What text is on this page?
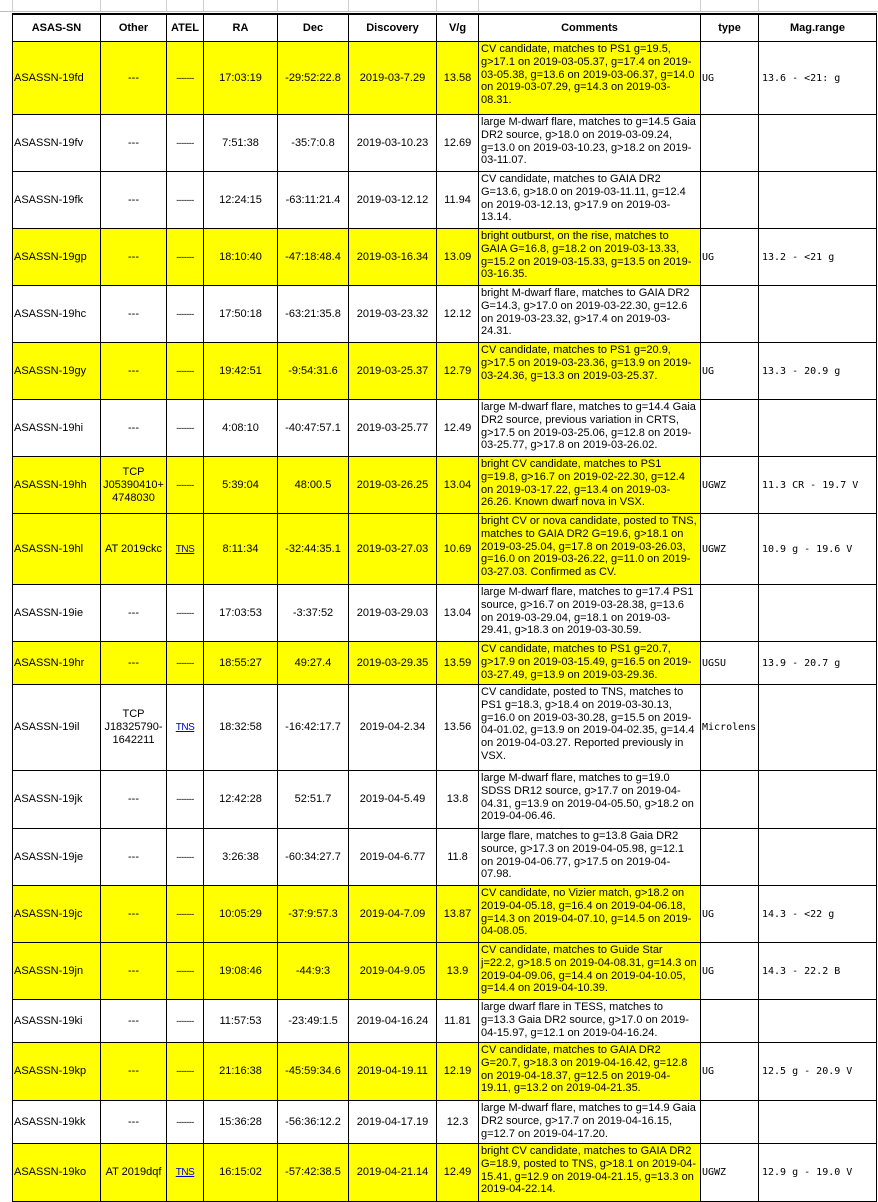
ASAS-SN	Other	ATEL	RA	Dec	Discovery	V/g	Comments	type	Mag.range
ASASSN-19fd	---	-------	17:03:19	-29:52:22.8	2019-03-7.29	13.58	CV candidate, matches to PS1 g=19.5, g>17.1 on 2019-03-05.37, g=17.4 on 2019-03-05.38, g=13.6 on 2019-03-06.37, g=14.0 on 2019-03-07.29, g=14.3 on 2019-03-08.31.	UG	13.6 - <21: g
ASASSN-19fv	---	-------	7:51:38	-35:7:0.8	2019-03-10.23	12.69	large M-dwarf flare, matches to g=14.5 Gaia DR2 source, g>18.0 on 2019-03-09.24, g=13.0 on 2019-03-10.23, g>18.2 on 2019-03-11.07.		
ASASSN-19fk	---	-------	12:24:15	-63:11:21.4	2019-03-12.12	11.94	CV candidate, matches to GAIA DR2 G=13.6, g>18.0 on 2019-03-11.11, g=12.4 on 2019-03-12.13, g>17.9 on 2019-03-13.14.		
ASASSN-19gp	---	-------	18:10:40	-47:18:48.4	2019-03-16.34	13.09	bright outburst, on the rise, matches to GAIA G=16.8, g=18.2 on 2019-03-13.33, g=15.2 on 2019-03-15.33, g=13.5 on 2019-03-16.35.	UG	13.2 - <21 g
ASASSN-19hc	---	-------	17:50:18	-63:21:35.8	2019-03-23.32	12.12	bright M-dwarf flare, matches to GAIA DR2 G=14.3, g>17.0 on 2019-03-22.30, g=12.6 on 2019-03-23.32, g>17.4 on 2019-03-24.31.		
ASASSN-19gy	---	-------	19:42:51	-9:54:31.6	2019-03-25.37	12.79	CV candidate, matches to PS1 g=20.9, g>17.5 on 2019-03-23.36, g=13.9 on 2019-03-24.36, g=13.3 on 2019-03-25.37.	UG	13.3 - 20.9 g
ASASSN-19hi	---	-------	4:08:10	-40:47:57.1	2019-03-25.77	12.49	large M-dwarf flare, matches to g=14.4 Gaia DR2 source, previous variation in CRTS, g>17.5 on 2019-03-25.06, g=12.8 on 2019-03-25.77, g>17.8 on 2019-03-26.02.		
ASASSN-19hh	TCP J05390410+ 4748030	-------	5:39:04	48:00.5	2019-03-26.25	13.04	bright CV candidate, matches to PS1 g=19.8, g>16.7 on 2019-02-22.30, g=12.4 on 2019-03-17.22, g=13.4 on 2019-03-26.26. Known dwarf nova in VSX.	UGWZ	11.3 CR - 19.7 V
ASASSN-19hl	AT 2019ckc	TNS	8:11:34	-32:44:35.1	2019-03-27.03	10.69	bright CV or nova candidate, posted to TNS, matches to GAIA DR2 G=19.6, g>18.1 on 2019-03-25.04, g=17.8 on 2019-03-26.03, g=16.0 on 2019-03-26.22, g=11.0 on 2019-03-27.03. Confirmed as CV.	UGWZ	10.9 g - 19.6 V
ASASSN-19ie	---	-------	17:03:53	-3:37:52	2019-03-29.03	13.04	large M-dwarf flare, matches to g=17.4 PS1 source, g>16.7 on 2019-03-28.38, g=13.6 on 2019-03-29.04, g=18.1 on 2019-03-29.41, g>18.3 on 2019-03-30.59.		
ASASSN-19hr	---	-------	18:55:27	49:27.4	2019-03-29.35	13.59	CV candidate, matches to PS1 g=20.7, g>17.9 on 2019-03-15.49, g=16.5 on 2019-03-27.49, g=13.9 on 2019-03-29.36.	UGSU	13.9 - 20.7 g
ASASSN-19il	TCP J18325790- 1642211	TNS	18:32:58	-16:42:17.7	2019-04-2.34	13.56	CV candidate, posted to TNS, matches to PS1 g=18.3, g>18.4 on 2019-03-30.13, g=16.0 on 2019-03-30.28, g=15.5 on 2019-04-01.02, g=13.9 on 2019-04-02.35, g=14.4 on 2019-04-03.27. Reported previously in VSX.	Microlens	
ASASSN-19jk	---	-------	12:42:28	52:51.7	2019-04-5.49	13.8	large M-dwarf flare, matches to g=19.0 SDSS DR12 source, g>17.7 on 2019-04-04.31, g=13.9 on 2019-04-05.50, g>18.2 on 2019-04-06.46.		
ASASSN-19je	---	-------	3:26:38	-60:34:27.7	2019-04-6.77	11.8	large flare, matches to g=13.8 Gaia DR2 source, g>17.3 on 2019-04-05.98, g=12.1 on 2019-04-06.77, g>17.5 on 2019-04-07.98.		
ASASSN-19jc	---	-------	10:05:29	-37:9:57.3	2019-04-7.09	13.87	CV candidate, no Vizier match, g>18.2 on 2019-04-05.18, g=16.4 on 2019-04-06.18, g=14.3 on 2019-04-07.10, g=14.5 on 2019-04-08.05.	UG	14.3 - <22 g
ASASSN-19jn	---	-------	19:08:46	-44:9:3	2019-04-9.05	13.9	CV candidate, matches to Guide Star j=22.2, g>18.5 on 2019-04-08.31, g=14.3 on 2019-04-09.06, g=14.4 on 2019-04-10.05, g=14.4 on 2019-04-10.39.	UG	14.3 - 22.2 B
ASASSN-19ki	---	-------	11:57:53	-23:49:1.5	2019-04-16.24	11.81	large dwarf flare in TESS, matches to g=13.3 Gaia DR2 source, g>17.0 on 2019-04-15.97, g=12.1 on 2019-04-16.24.		
ASASSN-19kp	---	-------	21:16:38	-45:59:34.6	2019-04-19.11	12.19	CV candidate, matches to GAIA DR2 G=20.7, g>18.3 on 2019-04-16.42, g=12.8 on 2019-04-18.37, g=12.5 on 2019-04-19.11, g=13.2 on 2019-04-21.35.	UG	12.5 g - 20.9 V
ASASSN-19kk	---	-------	15:36:28	-56:36:12.2	2019-04-17.19	12.3	large M-dwarf flare, matches to g=14.9 Gaia DR2 source, g>17.7 on 2019-04-16.15, g=12.7 on 2019-04-17.20.		
ASASSN-19ko	AT 2019dqf	TNS	16:15:02	-57:42:38.5	2019-04-21.14	12.49	bright CV candidate, matches to GAIA DR2 G=18.9, posted to TNS, g>18.1 on 2019-04-15.41, g=12.9 on 2019-04-21.15, g=13.3 on 2019-04-22.14.	UGWZ	12.9 g - 19.0 V
